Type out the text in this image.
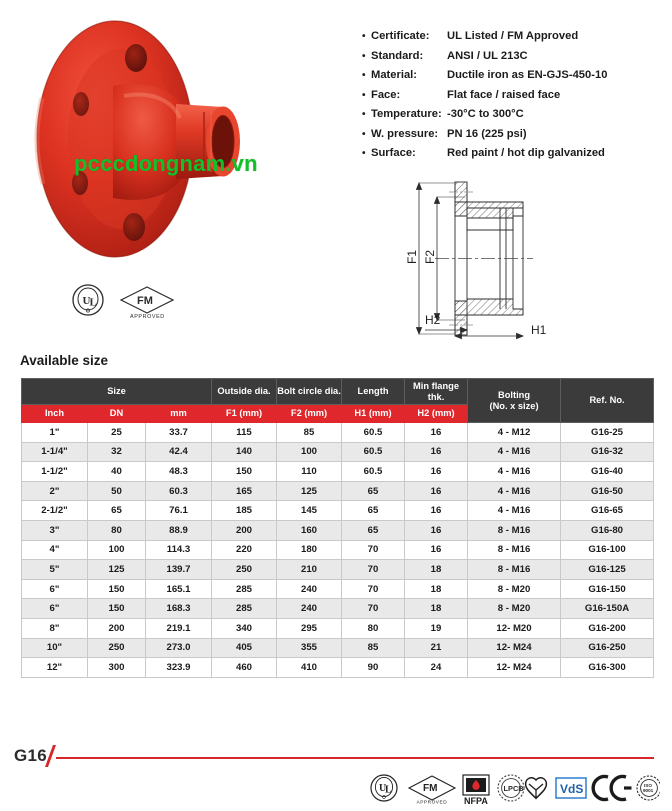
pcccdongnam.vn
U L	FM
APPROVED
• Certificate:	UL Listed / FM Approved
• Standard:	ANSI / UL 213C
• Material:	Ductile iron as EN-GJS-450-10
• Face:	Flat face / raised face
• Temperature: -30°C to 300°C
• W. pressure: PN 16 (225 psi)
• Surface:	Red paint / hot dip galvanized
F1 F2
H2
H1
Available size
Size			Outside dia.	Bolt circle dia.	Length	Min flange thk.	Bolting
(No. x size)	Ref. No.
Inch	DN	mm	F1 (mm)	F2 (mm)	H1 (mm)	H2 (mm)		
1"	25	33.7	115	85	60.5	16	4 - M12	G16-25
1-1/4"	32	42.4	140	100	60.5	16	4 - M16	G16-32
1-1/2"	40	48.3	150	110	60.5	16	4 - M16	G16-40
2"	50	60.3	165	125	65	16	4 - M16	G16-50
2-1/2"	65	76.1	185	145	65	16	4 - M16	G16-65
3"	80	88.9	200	160	65	16	8 - M16	G16-80
4"	100	114.3	220	180	70	16	8 - M16	G16-100
5"	125	139.7	250	210	70	18	8 - M16	G16-125
6"	150	165.1	285	240	70	18	8 - M20	G16-150
6"	150	168.3	285	240	70	18	8 - M20	G16-150A
8"	200	219.1	340	295	80	19	12- M20	G16-200
10"	250	273.0	405	355	85	21	12- M24	G16-250
12"	300	323.9	460	410	90	24	12- M24	G16-300
G16
U
L	FM
APPROVED NFPA
LPCB	VdS	ISO
9001
